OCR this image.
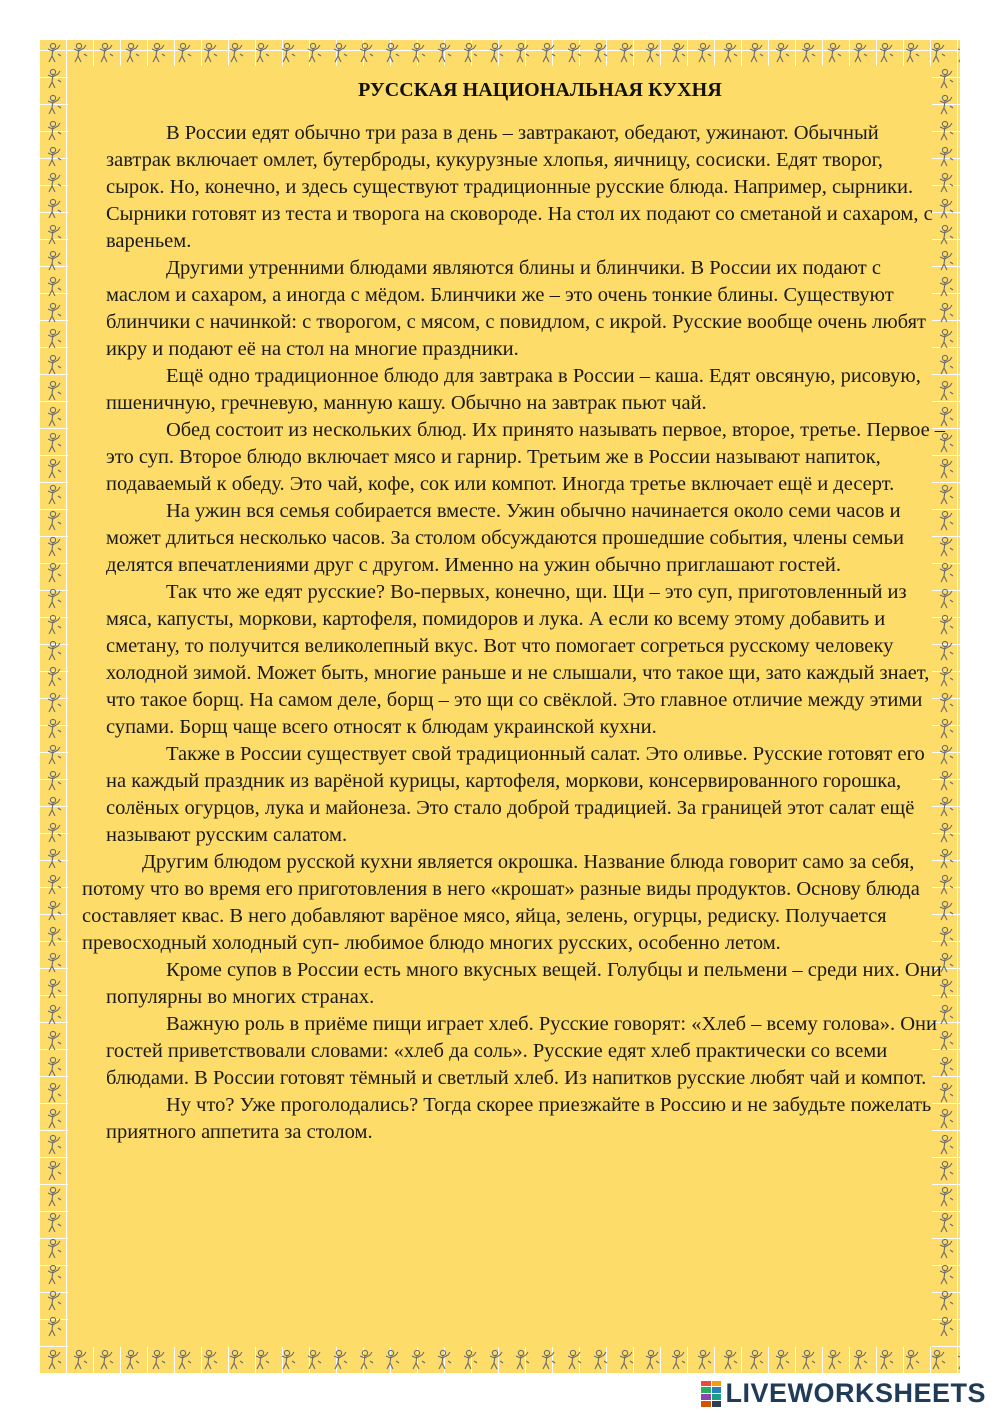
РУССКАЯ НАЦИОНАЛЬНАЯ КУХНЯ

В России едят обычно три раза в день – завтракают, обедают, ужинают. Обычный завтрак включает омлет, бутерброды, кукурузные хлопья, яичницу, сосиски. Едят творог, сырок. Но, конечно, и здесь существуют традиционные русские блюда. Например, сырники. Сырники готовят из теста и творога на сковороде. На стол их подают со сметаной и сахаром, с вареньем.

Другими утренними блюдами являются блины и блинчики. В России их подают с маслом и сахаром, а иногда с мёдом. Блинчики же – это очень тонкие блины. Существуют блинчики с начинкой: с творогом, с мясом, с повидлом, с икрой. Русские вообще очень любят икру и подают её на стол на многие праздники.

Ещё одно традиционное блюдо для завтрака в России – каша. Едят овсяную, рисовую, пшеничную, гречневую, манную кашу. Обычно на завтрак пьют чай.

Обед состоит из нескольких блюд. Их принято называть первое, второе, третье. Первое – это суп. Второе блюдо включает мясо и гарнир. Третьим же в России называют напиток, подаваемый к обеду. Это чай, кофе, сок или компот. Иногда третье включает ещё и десерт.

На ужин вся семья собирается вместе. Ужин обычно начинается около семи часов и может длиться несколько часов. За столом обсуждаются прошедшие события, члены семьи делятся впечатлениями друг с другом. Именно на ужин обычно приглашают гостей.

Так что же едят русские? Во-первых, конечно, щи. Щи – это суп, приготовленный из мяса, капусты, моркови, картофеля, помидоров и лука. А если ко всему этому добавить и сметану, то получится великолепный вкус. Вот что помогает согреться русскому человеку холодной зимой. Может быть, многие раньше и не слышали, что такое щи, зато каждый знает, что такое борщ. На самом деле, борщ – это щи со свёклой. Это главное отличие между этими супами. Борщ чаще всего относят к блюдам украинской кухни.

Также в России существует свой традиционный салат. Это оливье. Русские готовят его на каждый праздник из варёной курицы, картофеля, моркови, консервированного горошка, солёных огурцов, лука и майонеза. Это стало доброй традицией. За границей этот салат ещё называют русским салатом.

Другим блюдом русской кухни является окрошка. Название блюда говорит само за себя, потому что во время его приготовления в него «крошат» разные виды продуктов. Основу блюда составляет квас. В него добавляют варёное мясо, яйца, зелень, огурцы, редиску. Получается превосходный холодный суп- любимое блюдо многих русских, особенно летом.

Кроме супов в России есть много вкусных вещей. Голубцы и пельмени – среди них. Они популярны во многих странах.

Важную роль в приёме пищи играет хлеб. Русские говорят: «Хлеб – всему голова». Они гостей приветствовали словами: «хлеб да соль». Русские едят хлеб практически со всеми блюдами. В России готовят тёмный и светлый хлеб. Из напитков русские любят чай и компот.

Ну что? Уже проголодались? Тогда скорее приезжайте в Россию и не забудьте пожелать приятного аппетита за столом.

LIVEWORKSHEETS
